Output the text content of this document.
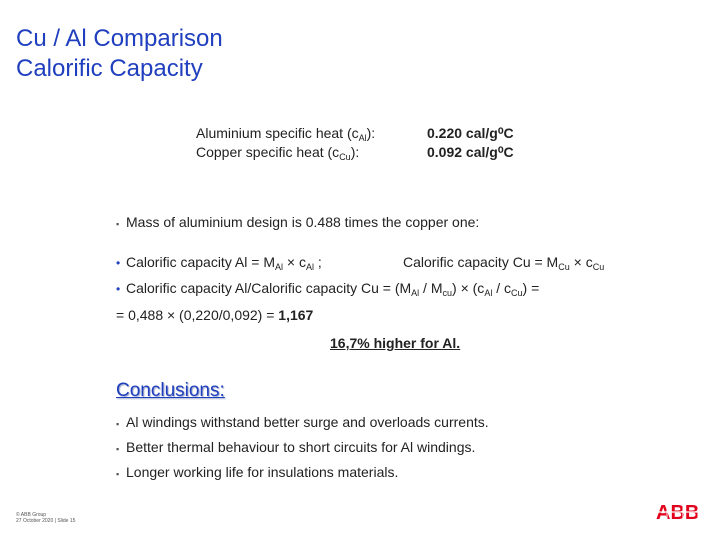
Cu / Al Comparison
Calorific Capacity
Aluminium specific heat $(c_{Al})$:
Copper specific heat $(c_{Cu})$:
0.220 cal/g⁰C
0.092 cal/g⁰C
▪ Mass of aluminium design is 0.488 times the copper one:
• Calorific capacity $Al = M_{Al} \times c_{Al}$ ;	Calorific capacity $Cu = M_{Cu} \times c_{Cu}$
• Calorific capacity Al/Calorific capacity $Cu = (M_{Al} / M_{cu}) \times (c_{Al} / c_{Cu})$ =
= 0,488 × (0,220/0,092) = 1,167
16,7% higher for Al.
Conclusions:
▪ Al windings withstand better surge and overloads currents.
▪ Better thermal behaviour to short circuits for Al windings.
▪ Longer working life for insulations materials.
© ABB Group
27 October 2020 | Slide 15	ABB
